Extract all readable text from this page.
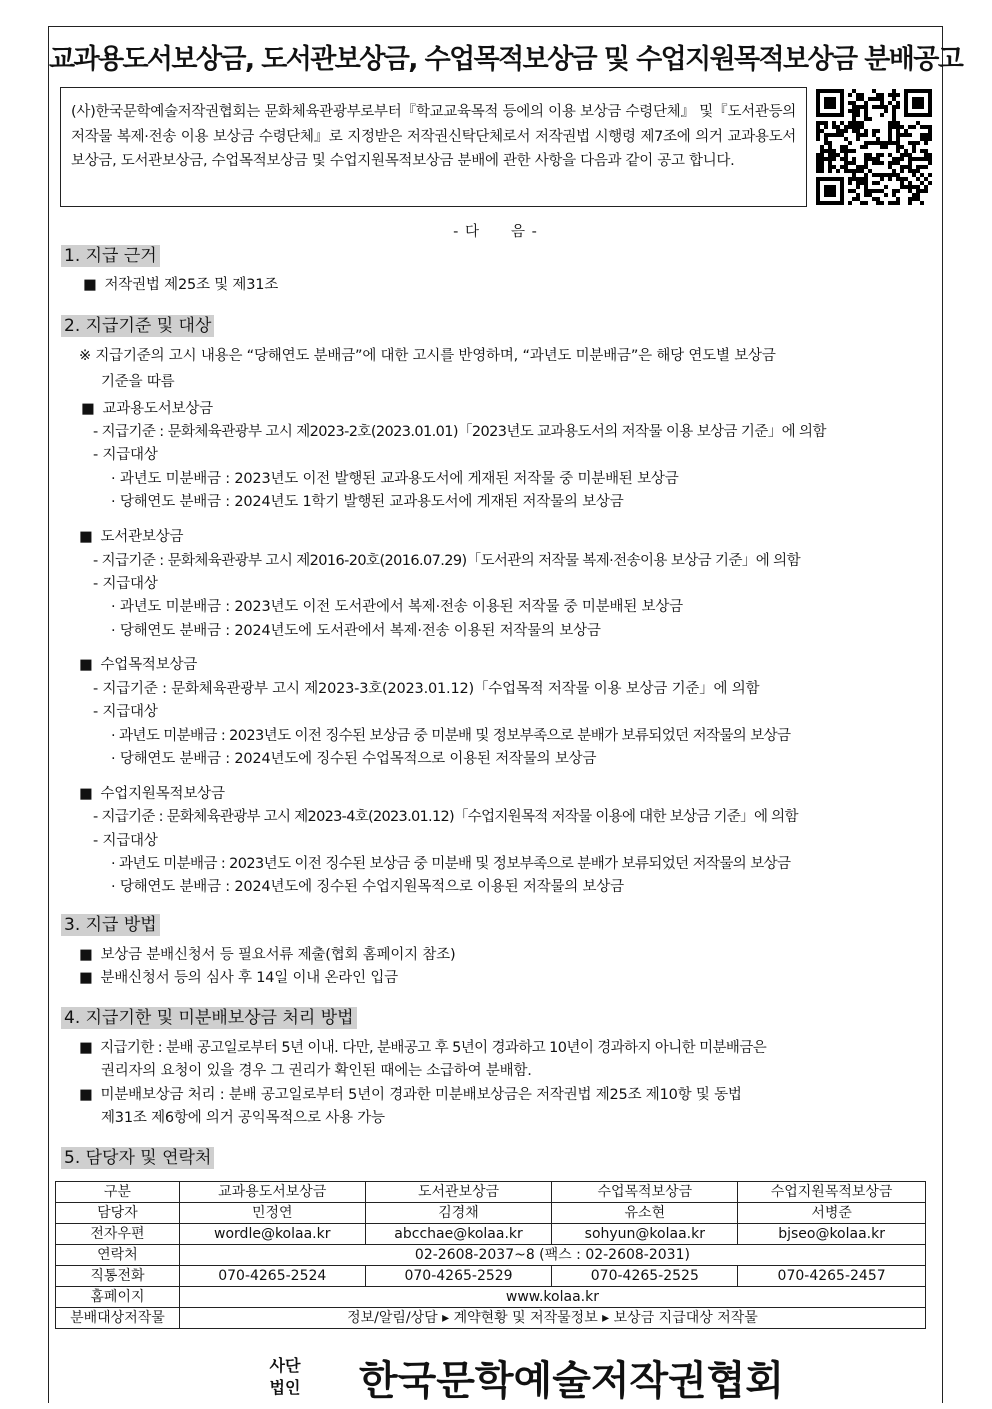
교과용도서보상금, 도서관보상금, 수업목적보상금 및 수업지원목적보상금 분배공고
(사)한국문학예술저작권협회는 문화체육관광부로부터『학교교육목적 등에의 이용 보상금 수령단체』 및『도서관등의 저작물 복제·전송 이용 보상금 수령단체』로 지정받은 저작권신탁단체로서 저작권법 시행령 제7조에 의거 교과용도서보상금, 도서관보상금, 수업목적보상금 및 수업지원목적보상금 분배에 관한 사항을 다음과 같이 공고 합니다.
- 다　　음 -
1. 지급 근거
■ 저작권법 제25조 및 제31조
2. 지급기준 및 대상
※ 지급기준의 고시 내용은 “당해연도 분배금”에 대한 고시를 반영하며, “과년도 미분배금”은 해당 연도별 보상금
기준을 따름
■ 교과용도서보상금
- 지급기준 : 문화체육관광부 고시 제2023-2호(2023.01.01)「2023년도 교과용도서의 저작물 이용 보상금 기준」에 의함
- 지급대상
· 과년도 미분배금 : 2023년도 이전 발행된 교과용도서에 게재된 저작물 중 미분배된 보상금
· 당해연도 분배금 : 2024년도 1학기 발행된 교과용도서에 게재된 저작물의 보상금
■ 도서관보상금
- 지급기준 : 문화체육관광부 고시 제2016-20호(2016.07.29)「도서관의 저작물 복제·전송이용 보상금 기준」에 의함
- 지급대상
· 과년도 미분배금 : 2023년도 이전 도서관에서 복제·전송 이용된 저작물 중 미분배된 보상금
· 당해연도 분배금 : 2024년도에 도서관에서 복제·전송 이용된 저작물의 보상금
■ 수업목적보상금
- 지급기준 : 문화체육관광부 고시 제2023-3호(2023.01.12)「수업목적 저작물 이용 보상금 기준」에 의함
- 지급대상
· 과년도 미분배금 : 2023년도 이전 징수된 보상금 중 미분배 및 정보부족으로 분배가 보류되었던 저작물의 보상금
· 당해연도 분배금 : 2024년도에 징수된 수업목적으로 이용된 저작물의 보상금
■ 수업지원목적보상금
- 지급기준 : 문화체육관광부 고시 제2023-4호(2023.01.12)「수업지원목적 저작물 이용에 대한 보상금 기준」에 의함
- 지급대상
· 과년도 미분배금 : 2023년도 이전 징수된 보상금 중 미분배 및 정보부족으로 분배가 보류되었던 저작물의 보상금
· 당해연도 분배금 : 2024년도에 징수된 수업지원목적으로 이용된 저작물의 보상금
3. 지급 방법
■ 보상금 분배신청서 등 필요서류 제출(협회 홈페이지 참조)
■ 분배신청서 등의 심사 후 14일 이내 온라인 입금
4. 지급기한 및 미분배보상금 처리 방법
■ 지급기한 : 분배 공고일로부터 5년 이내. 다만, 분배공고 후 5년이 경과하고 10년이 경과하지 아니한 미분배금은
권리자의 요청이 있을 경우 그 권리가 확인된 때에는 소급하여 분배함.
■ 미분배보상금 처리 : 분배 공고일로부터 5년이 경과한 미분배보상금은 저작권법 제25조 제10항 및 동법
제31조 제6항에 의거 공익목적으로 사용 가능
5. 담당자 및 연락처
구분	교과용도서보상금	도서관보상금	수업목적보상금	수업지원목적보상금
담당자	민정연	김경채	유소현	서병준
전자우편	wordle@kolaa.kr	abcchae@kolaa.kr	sohyun@kolaa.kr	bjseo@kolaa.kr
연락처	02-2608-2037~8 (팩스 : 02-2608-2031)			
직통전화	070-4265-2524	070-4265-2529	070-4265-2525	070-4265-2457
홈페이지	www.kolaa.kr			
분배대상저작물	정보/알림/상담 ▸ 계약현황 및 저작물정보 ▸ 보상금 지급대상 저작물			
사단
법인 한국문학예술저작권협회
